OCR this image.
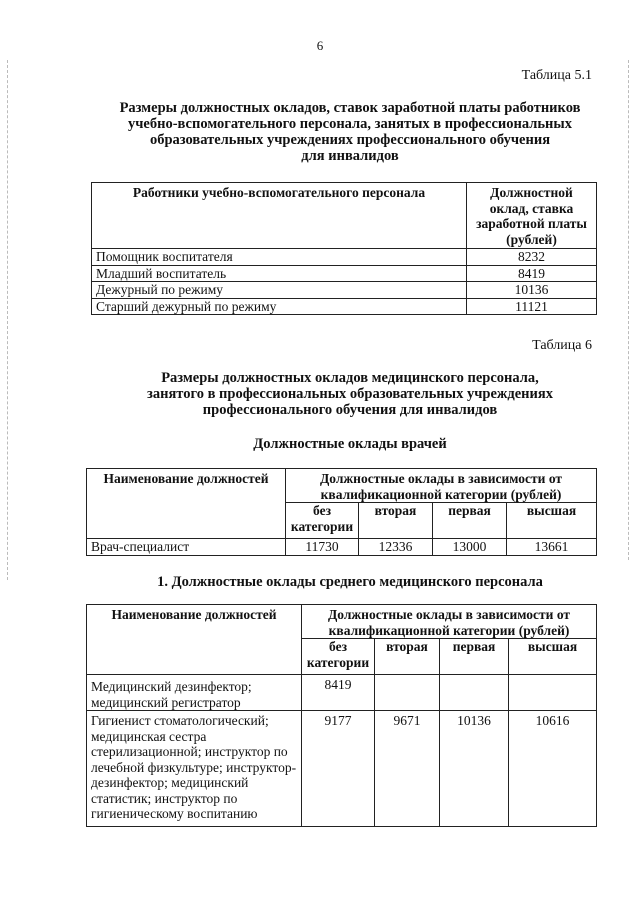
6
Таблица 5.1
Размеры должностных окладов, ставок заработной платы работников
учебно-вспомогательного персонала, занятых в профессиональных
образовательных учреждениях профессионального обучения
для инвалидов
Работники учебно-вспомогательного персонала	Должностной оклад, ставка заработной платы (рублей)
Помощник воспитателя	8232
Младший воспитатель	8419
Дежурный по режиму	10136
Старший дежурный по режиму	11121
Таблица 6
Размеры должностных окладов медицинского персонала,
занятого в профессиональных образовательных учреждениях
профессионального обучения для инвалидов
Должностные оклады врачей
Наименование должностей	Должностные оклады в зависимости от квалификационной категории (рублей)			
	без категории	вторая	первая	высшая
Врач-специалист	11730	12336	13000	13661
1. Должностные оклады среднего медицинского персонала
Наименование должностей	Должностные оклады в зависимости от квалификационной категории (рублей)			
	без категории	вторая	первая	высшая
Медицинский дезинфектор; медицинский регистратор	8419			
Гигиенист стоматологический; медицинская сестра стерилизационной; инструктор по лечебной физкультуре; инструктор-дезинфектор; медицинский статистик; инструктор по гигиеническому воспитанию	9177	9671	10136	10616
